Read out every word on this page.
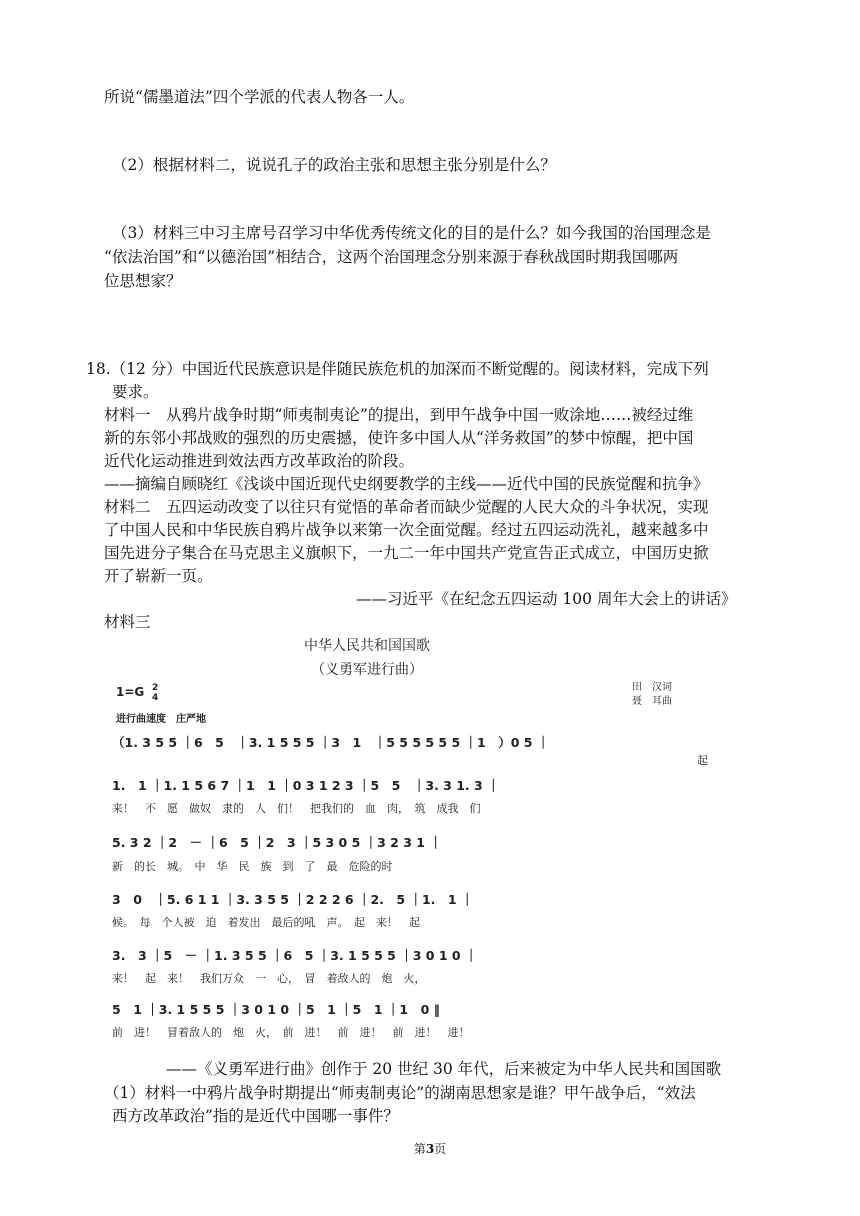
所说“儒墨道法”四个学派的代表人物各一人。
（2）根据材料二，说说孔子的政治主张和思想主张分别是什么？
（3）材料三中习主席号召学习中华优秀传统文化的目的是什么？如今我国的治国理念是
“依法治国”和“以德治国”相结合，这两个治国理念分别来源于春秋战国时期我国哪两
位思想家？
18.（12 分）中国近代民族意识是伴随民族危机的加深而不断觉醒的。阅读材料，完成下列
要求。
材料一　从鸦片战争时期“师夷制夷论”的提出，到甲午战争中国一败涂地……被经过维
新的东邻小邦战败的强烈的历史震撼，使许多中国人从“洋务救国”的梦中惊醒，把中国
近代化运动推进到效法西方改革政治的阶段。
——摘编自顾晓红《浅谈中国近现代史纲要教学的主线——近代中国的民族觉醒和抗争》
材料二　五四运动改变了以往只有觉悟的革命者而缺少觉醒的人民大众的斗争状况，实现
了中国人民和中华民族自鸦片战争以来第一次全面觉醒。经过五四运动洗礼，越来越多中
国先进分子集合在马克思主义旗帜下，一九二一年中国共产党宣告正式成立，中国历史掀
开了崭新一页。
——习近平《在纪念五四运动 100 周年大会上的讲话》
材料三
中华人民共和国国歌
（义勇军进行曲）
1=G 2
4
田　汉词
聂　耳曲
进行曲速度　庄严地
（1. 3 5 5 ｜6　5　｜3. 1 5 5 5 ｜3　1　｜5 5 5 5 5 5 ｜1　）0 5 ｜
起
1.　1 ｜1. 1 5 6 7 ｜1　1 ｜0 3 1 2 3 ｜5　5　｜3. 3 1. 3 ｜
来！　不　愿　做奴　隶的　人　们！　把我们的　血　肉，　筑　成我　们
5. 3 2 ｜2　－ ｜6　5 ｜2　3 ｜5 3 0 5 ｜3 2 3 1 ｜
新　的长　城。　中　华　民　族　到　了　最　危险的时
3　0　｜5. 6 1 1 ｜3. 3 5 5 ｜2 2 2 6 ｜2.　5 ｜1.　1 ｜
候。　每　个人被　迫　着发出　最后的吼　声。　起　来！　起
3.　3 ｜5　－ ｜1. 3 5 5 ｜6　5 ｜3. 1 5 5 5 ｜3 0 1 0 ｜
来！　起　来！　我们万众　一　心，　冒　着敌人的　炮　火，
5　1 ｜3. 1 5 5 5 ｜3 0 1 0 ｜5　1 ｜5　1 ｜1　0 ‖
前　进！　冒着敌人的　炮　火，　前　进！　前　进！　前　进！　进！
——《义勇军进行曲》创作于 20 世纪 30 年代，后来被定为中华人民共和国国歌
（1）材料一中鸦片战争时期提出“师夷制夷论”的湖南思想家是谁？甲午战争后，“效法
西方改革政治”指的是近代中国哪一事件？
第3页
